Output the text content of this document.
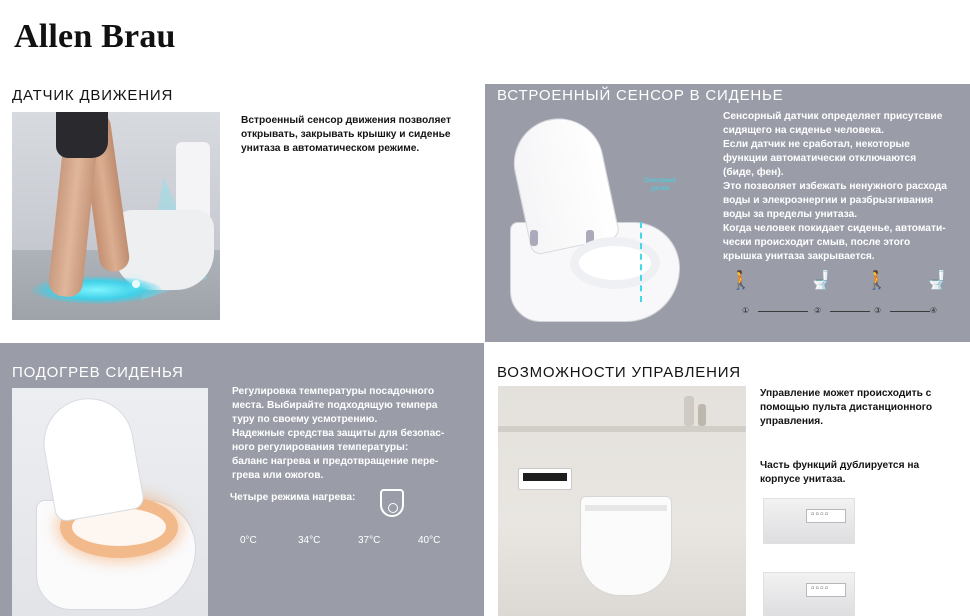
Allen Brau
ДАТЧИК ДВИЖЕНИЯ

Встроенный сенсор движения позволяет

открывать, закрывать крышку и сиденье

унитаза в автоматическом режиме.

ВСТРОЕННЫЙ СЕНСОР В СИДЕНЬЕ
Сенсорный датчик

Сенсорный датчик определяет присутсвие

сидящего на сиденье человека.

Если датчик не сработал, некоторые

функции автоматически отключаются

(биде, фен).

Это позволяет избежать ненужного расхода

воды и элекроэнергии и разбрызгивания

воды за пределы унитаза.

Когда человек покидает сиденье, автомати-

чески происходит смыв, после этого

крышка унитаза закрывается.

🚶	🚽 🚶 🚽
①	②	③	④
ПОДОГРЕВ СИДЕНЬЯ

Регулировка температуры посадочного

места. Выбирайте подходящую темпера

туру по своему усмотрению.

Надежные средства защиты для безопас-

ного регулирования температуры:

баланс нагрева и предотвращение пере-

грева или ожогов.

Четыре режима нагрева:
0°C	34°C	37°C	40°C
ВОЗМОЖНОСТИ УПРАВЛЕНИЯ

Управление может происходить с

помощью пульта дистанционного

управления.

Часть функций дублируется на

корпусе унитаза.

▫▫▫▫
▫▫▫▫
